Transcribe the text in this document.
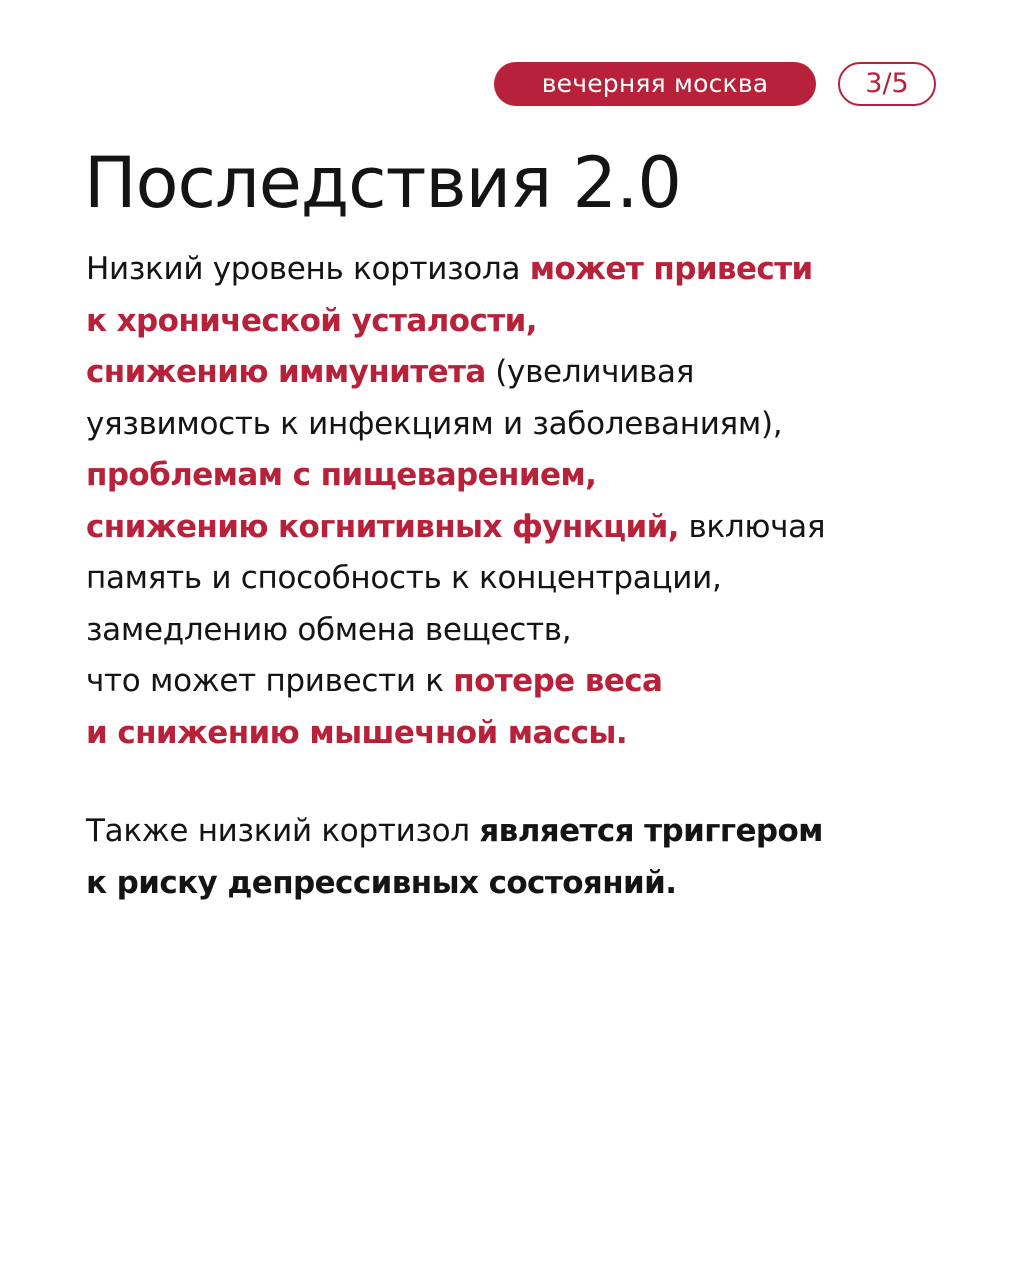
вечерняя москва	3/5
Последствия 2.0
Низкий уровень кортизола может привести
к хронической усталости,
снижению иммунитета (увеличивая
уязвимость к инфекциям и заболеваниям),
проблемам с пищеварением,
снижению когнитивных функций, включая
память и способность к концентрации,
замедлению обмена веществ,
что может привести к потере веса
и снижению мышечной массы.
Также низкий кортизол является триггером
к риску депрессивных состояний.
